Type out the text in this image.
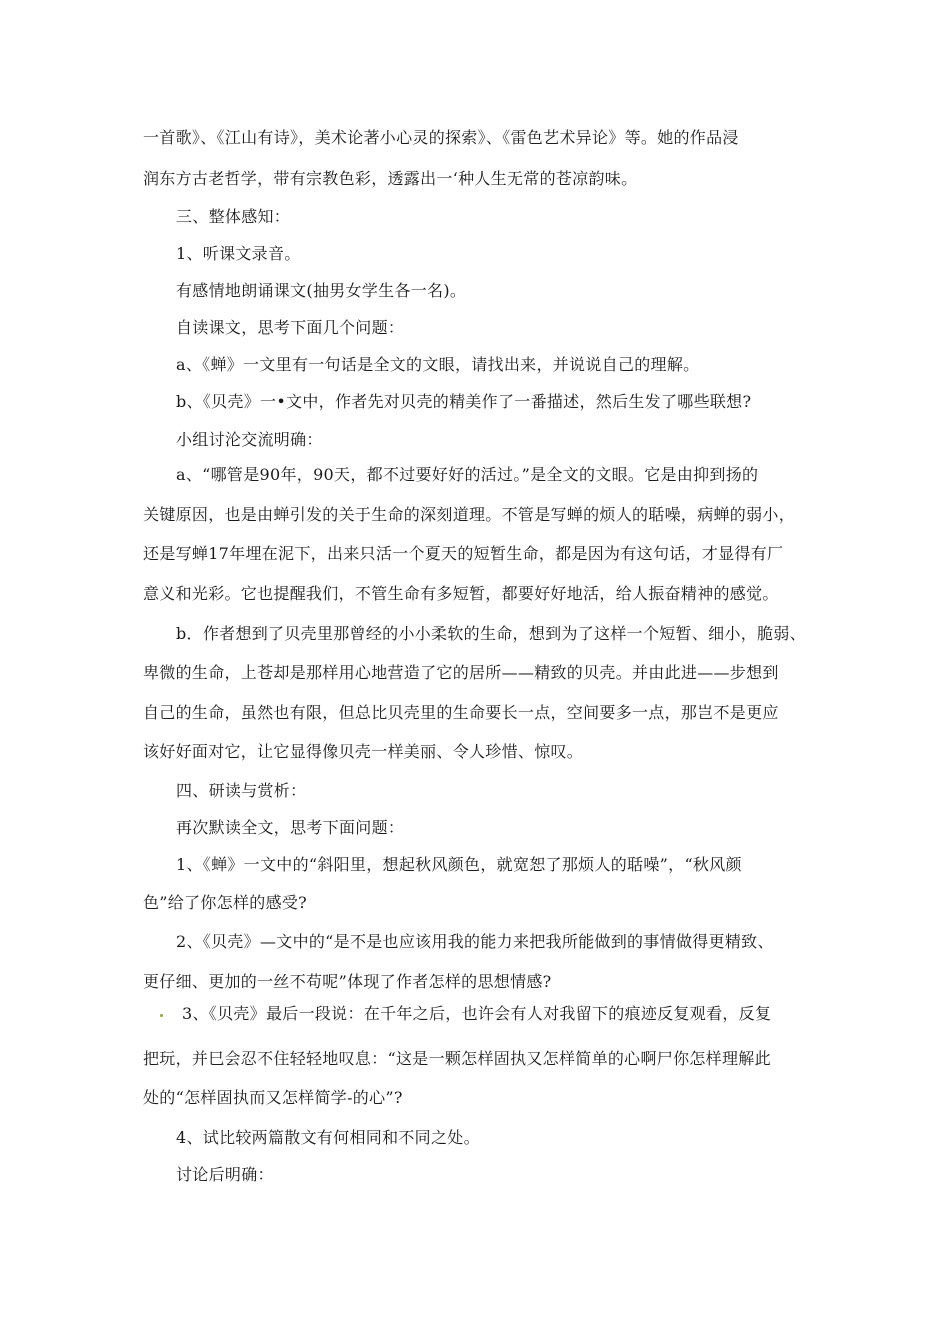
一首歌》、《江山有诗》，美术论著小心灵的探索》、《雷色艺术异论》等。她的作品浸
润东方古老哲学，带有宗教色彩，透露出一‘种人生无常的苍凉韵味。
三、整体感知：
1、听课文录音。
有感情地朗诵课文(抽男女学生各一名)。
自读课文，思考下面几个问题：
a、《蝉》一文里有一句话是全文的文眼，请找出来，并说说自己的理解。
b、《贝壳》一•文中，作者先对贝壳的精美作了一番描述，然后生发了哪些联想?
小组讨沦交流明确：
a、“哪管是90年，90天，都不过要好好的活过。”是全文的文眼。它是由抑到扬的
关键原因，也是由蝉引发的关于生命的深刻道理。不管是写蝉的烦人的聒噪，病蝉的弱小，
还是写蝉17年埋在泥下，出来只活一个夏天的短暂生命，都是因为有这句话，才显得有厂
意义和光彩。它也提醒我们，不管生命有多短暂，都要好好地活，给人振奋精神的感觉。
b．作者想到了贝壳里那曾经的小小柔软的生命，想到为了这样一个短暂、细小，脆弱、
卑微的生命，上苍却是那样用心地营造了它的居所——精致的贝壳。并由此进——步想到
自己的生命，虽然也有限，但总比贝壳里的生命要长一点，空间要多一点，那岂不是更应
该好好面对它，让它显得像贝壳一样美丽、令人珍惜、惊叹。
四、研读与赏析：
再次默读全文，思考下面问题：
1、《蝉》一文中的“斜阳里，想起秋风颜色，就宽恕了那烦人的聒噪”，“秋风颜
色”给了你怎样的感受?
2、《贝壳》—文中的“是不是也应该用我的能力来把我所能做到的事情做得更精致、
更仔细、更加的一丝不苟呢”体现了作者怎样的思想情感?
3、《贝壳》最后一段说：在千年之后，也许会有人对我留下的痕迹反复观看，反复
把玩，并巳会忍不住轻轻地叹息：“这是一颗怎样固执又怎样简单的心啊尸你怎样理解此
处的“怎样固执而又怎样简学-的心”?
4、试比较两篇散文有何相同和不同之处。
讨论后明确：
